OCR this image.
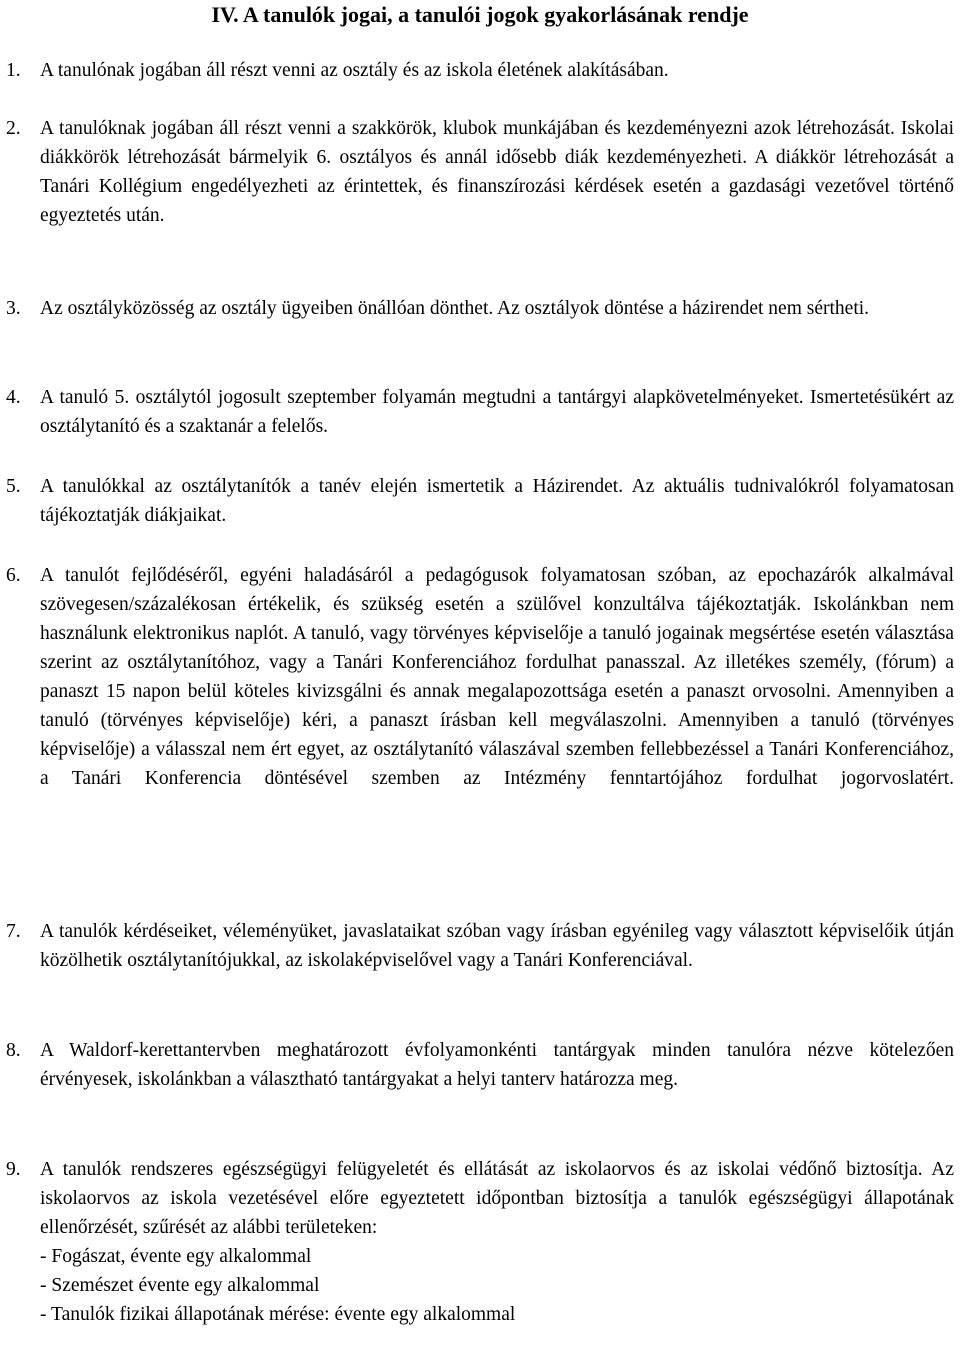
IV. A tanulók jogai, a tanulói jogok gyakorlásának rendje
1. A tanulónak jogában áll részt venni az osztály és az iskola életének alakításában.
2. A tanulóknak jogában áll részt venni a szakkörök, klubok munkájában és kezdeményezni azok létrehozását. Iskolai diákkörök létrehozását bármelyik 6. osztályos és annál idősebb diák kezdeményezheti. A diákkör létrehozását a Tanári Kollégium engedélyezheti az érintettek, és finanszírozási kérdések esetén a gazdasági vezetővel történő egyeztetés után.
3. Az osztályközösség az osztály ügyeiben önállóan dönthet. Az osztályok döntése a házirendet nem sértheti.
4. A tanuló 5. osztálytól jogosult szeptember folyamán megtudni a tantárgyi alapkövetelményeket. Ismertetésükért az osztálytanító és a szaktanár a felelős.
5. A tanulókkal az osztálytanítók a tanév elején ismertetik a Házirendet. Az aktuális tudnivalókról folyamatosan tájékoztatják diákjaikat.
6. A tanulót fejlődéséről, egyéni haladásáról a pedagógusok folyamatosan szóban, az epochazárók alkalmával szövegesen/százalékosan értékelik, és szükség esetén a szülővel konzultálva tájékoztatják. Iskolánkban nem használunk elektronikus naplót. A tanuló, vagy törvényes képviselője a tanuló jogainak megsértése esetén választása szerint az osztálytanítóhoz, vagy a Tanári Konferenciához fordulhat panasszal. Az illetékes személy, (fórum) a panaszt 15 napon belül köteles kivizsgálni és annak megalapozottsága esetén a panaszt orvosolni. Amennyiben a tanuló (törvényes képviselője) kéri, a panaszt írásban kell megválaszolni. Amennyiben a tanuló (törvényes képviselője) a válasszal nem ért egyet, az osztálytanító válaszával szemben fellebbezéssel a Tanári Konferenciához, a Tanári Konferencia döntésével szemben az Intézmény fenntartójához fordulhat jogorvoslatért.
7. A tanulók kérdéseiket, véleményüket, javaslataikat szóban vagy írásban egyénileg vagy választott képviselőik útján közölhetik osztálytanítójukkal, az iskolaképviselővel vagy a Tanári Konferenciával.
8. A Waldorf-kerettantervben meghatározott évfolyamonkénti tantárgyak minden tanulóra nézve kötelezően érvényesek, iskolánkban a választható tantárgyakat a helyi tanterv határozza meg.
9. A tanulók rendszeres egészségügyi felügyeletét és ellátását az iskolaorvos és az iskolai védőnő biztosítja. Az iskolaorvos az iskola vezetésével előre egyeztetett időpontban biztosítja a tanulók egészségügyi állapotának ellenőrzését, szűrését az alábbi területeken:
- Fogászat, évente egy alkalommal
- Szemészet évente egy alkalommal
- Tanulók fizikai állapotának mérése: évente egy alkalommal
